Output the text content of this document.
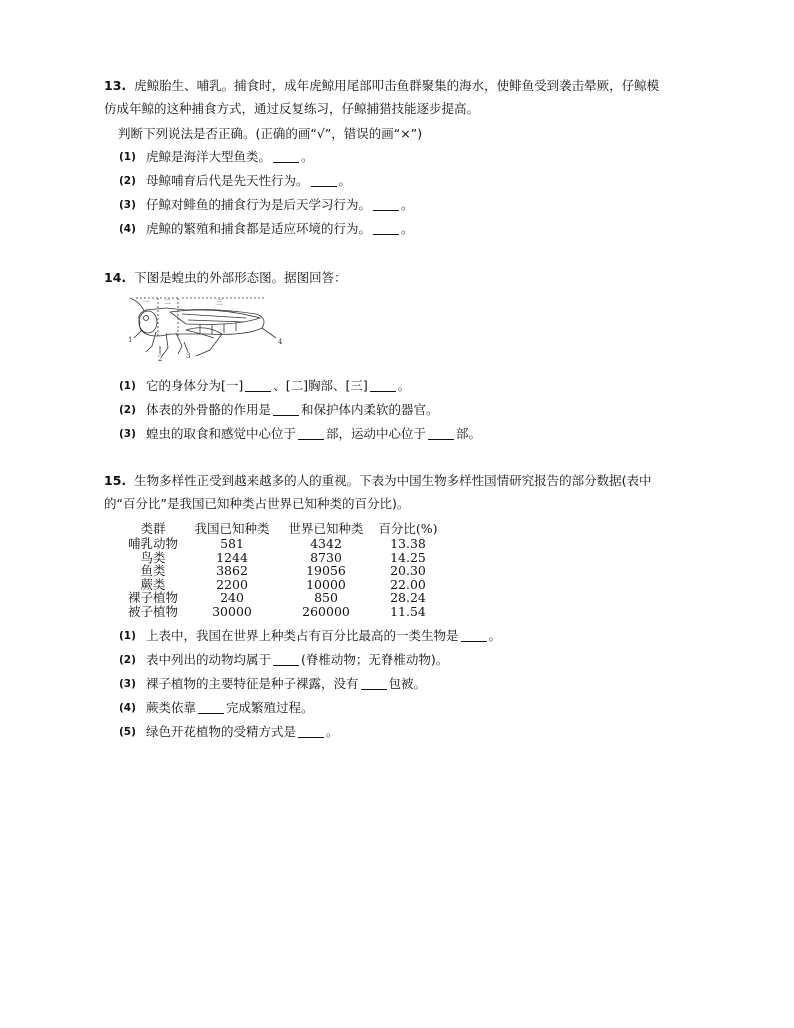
13. 虎鲸胎生、哺乳。捕食时，成年虎鲸用尾部叩击鱼群聚集的海水，使鲱鱼受到袭击晕厥，仔鲸模
仿成年鲸的这种捕食方式，通过反复练习，仔鲸捕猎技能逐步提高。
判断下列说法是否正确。(正确的画“√”，错误的画“×”)
(1) 虎鲸是海洋大型鱼类。 。
(2) 母鲸哺育后代是先天性行为。 。
(3) 仔鲸对鲱鱼的捕食行为是后天学习行为。 。
(4) 虎鲸的繁殖和捕食都是适应环境的行为。 。
14. 下图是蝗虫的外部形态图。据图回答：
1
2	3
4
一 二	三
(1) 它的身体分为[一] 、[二]胸部、[三] 。
(2) 体表的外骨骼的作用是 和保护体内柔软的器官。
(3) 蝗虫的取食和感觉中心位于 部，运动中心位于 部。
15. 生物多样性正受到越来越多的人的重视。下表为中国生物多样性国情研究报告的部分数据(表中
的“百分比”是我国已知种类占世界已知种类的百分比)。
类群	我国已知种类	世界已知种类	百分比(%)
哺乳动物	581	4342	13.38
鸟类	1244	8730	14.25
鱼类	3862	19056	20.30
蕨类	2200	10000	22.00
裸子植物	240	850	28.24
被子植物	30000	260000	11.54
(1) 上表中，我国在世界上种类占有百分比最高的一类生物是 。
(2) 表中列出的动物均属于 (脊椎动物；无脊椎动物)。
(3) 裸子植物的主要特征是种子裸露，没有 包被。
(4) 蕨类依靠 完成繁殖过程。
(5) 绿色开花植物的受精方式是 。
